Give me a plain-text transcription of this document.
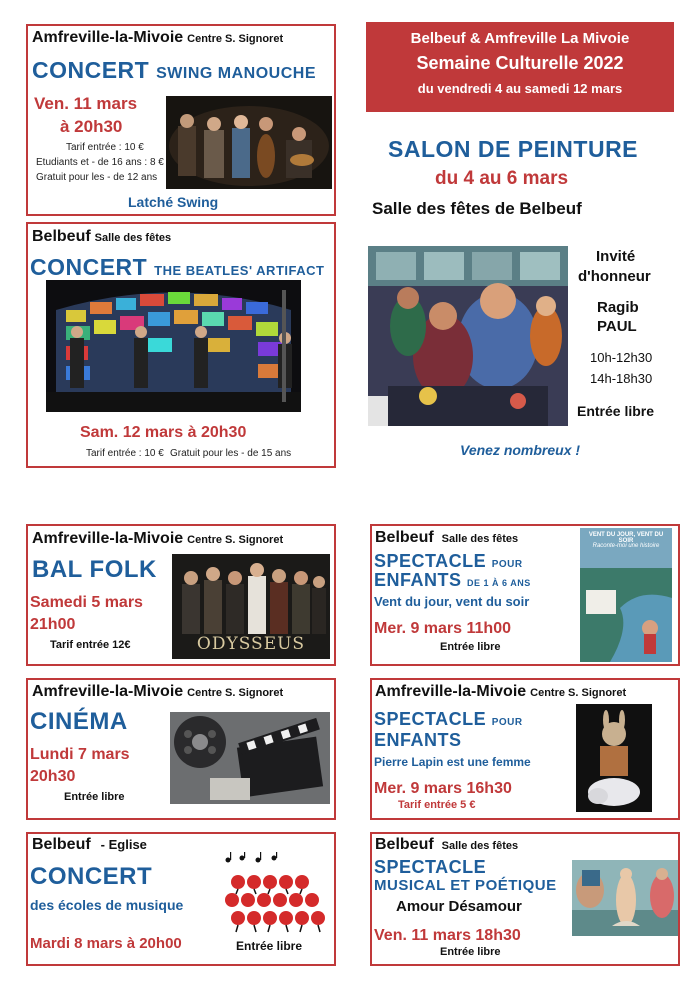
Belbeuf & Amfreville La Mivoie
Semaine Culturelle 2022
du vendredi 4 au samedi 12 mars
SALON DE PEINTURE
du 4 au 6 mars
Salle des fêtes de Belbeuf
Invité
d'honneur
Ragib
PAUL
10h-12h30
14h-18h30
Entrée libre
Venez nombreux !
Amfreville-la-Mivoie Centre S. Signoret
CONCERT SWING MANOUCHE
Ven. 11 mars
à 20h30
Tarif entrée : 10 €
Etudiants et - de 16 ans : 8 €
Gratuit pour les - de 12 ans
Latché Swing
Belbeuf Salle des fêtes
CONCERT THE BEATLES' ARTIFACT
Sam. 12 mars à 20h30
Tarif entrée : 10 € Gratuit pour les - de 15 ans
Amfreville-la-Mivoie Centre S. Signoret
BAL FOLK
Samedi 5 mars
21h00
Tarif entrée 12€	ODYSSEUS
Belbeuf Salle des fêtes
SPECTACLE POUR
ENFANTS DE 1 À 6 ANS
Vent du jour, vent du soir
Mer. 9 mars 11h00
Entrée libre
VENT DU JOUR, VENT DU SOIR
Raconte-moi une histoire
Amfreville-la-Mivoie Centre S. Signoret
CINÉMA
Lundi 7 mars
20h30
Entrée libre
Amfreville-la-Mivoie Centre S. Signoret
SPECTACLE POUR
ENFANTS
Pierre Lapin est une femme
Mer. 9 mars 16h30
Tarif entrée 5 €
Belbeuf - Eglise
CONCERT
des écoles de musique
Mardi 8 mars à 20h00	Entrée libre
Belbeuf Salle des fêtes
SPECTACLE
MUSICAL ET POÉTIQUE
Amour Désamour
Ven. 11 mars 18h30
Entrée libre
